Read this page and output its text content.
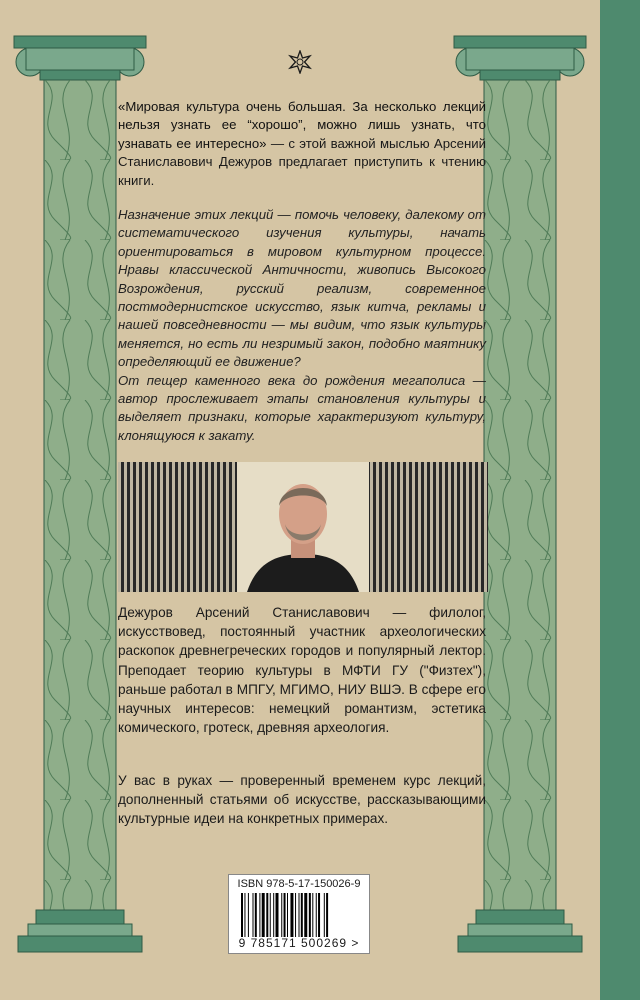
«Мировая культура очень большая. За несколько лекций нельзя узнать ее “хорошо”, можно лишь узнать, что узнавать ее интересно» — с этой важной мыслью Арсений Станиславович Дежуров предлагает приступить к чтению книги.

Назначение этих лекций — помочь человеку, далекому от систематического изучения культуры, начать ориентироваться в мировом культурном процессе. Нравы классической Античности, живопись Высокого Возрождения, русский реализм, современное постмодернистское искусство, язык китча, рекламы и нашей повседневности — мы видим, что язык культуры меняется, но есть ли незримый закон, подобно маятнику определяющий ее движение?

От пещер каменного века до рождения мегаполиса — автор прослеживает этапы становления культуры и выделяет признаки, которые характеризуют культуру, клонящуюся к закату.

Дежуров Арсений Станиславович — филолог, искусствовед, постоянный участник археологических раскопок древнегреческих городов и популярный лектор. Преподает теорию культуры в МФТИ ГУ ("Физтех"), раньше работал в МПГУ, МГИМО, НИУ ВШЭ. В сфере его научных интересов: немецкий романтизм, эстетика комического, гротеск, древняя археология.

У вас в руках — проверенный временем курс лекций, дополненный статьями об искусстве, рассказывающими культурные идеи на конкретных примерах.

ISBN 978-5-17-150026-9
9 785171 500269 >
